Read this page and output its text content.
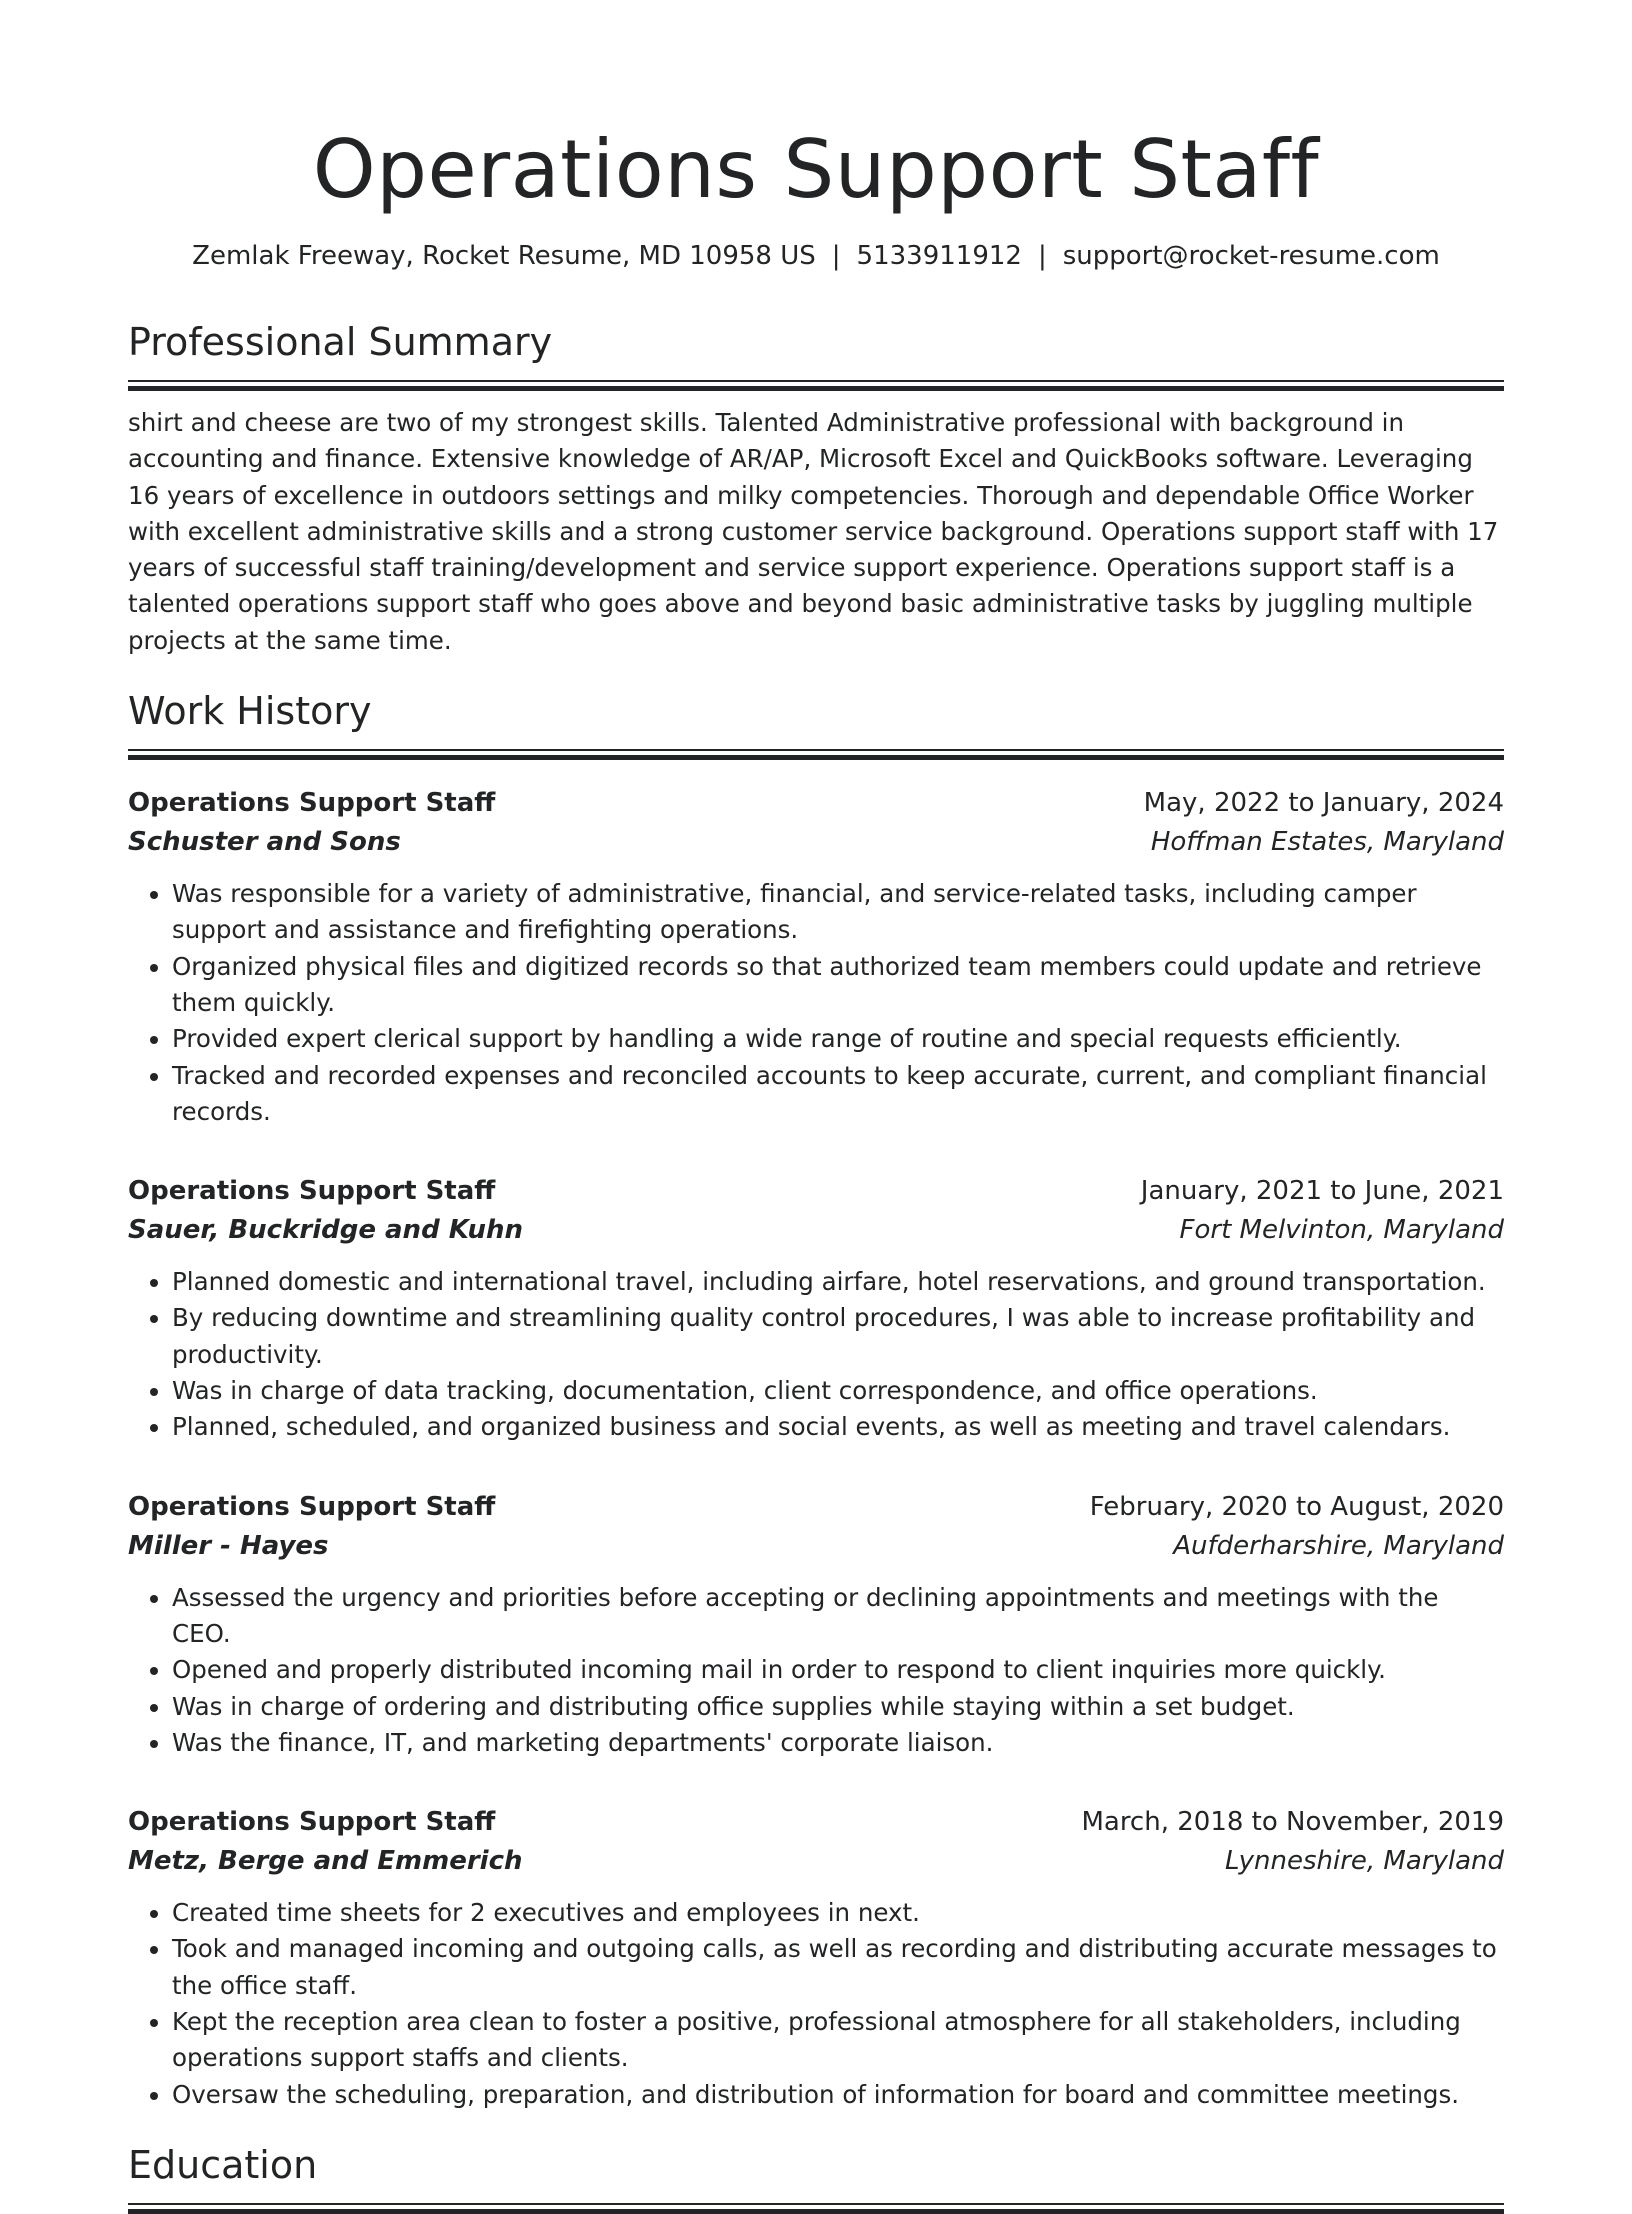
Operations Support Staff
Zemlak Freeway, Rocket Resume, MD 10958 US | 5133911912 | support@rocket-resume.com
Professional Summary

shirt and cheese are two of my strongest skills. Talented Administrative professional with background in accounting and finance. Extensive knowledge of AR/AP, Microsoft Excel and QuickBooks software. Leveraging 16 years of excellence in outdoors settings and milky competencies. Thorough and dependable Office Worker with excellent administrative skills and a strong customer service background. Operations support staff with 17 years of successful staff training/development and service support experience. Operations support staff is a talented operations support staff who goes above and beyond basic administrative tasks by juggling multiple projects at the same time.

Work History
Operations Support Staff	May, 2022 to January, 2024
Schuster and Sons	Hoffman Estates, Maryland
• Was responsible for a variety of administrative, financial, and service-related tasks, including camper support and assistance and firefighting operations.
• Organized physical files and digitized records so that authorized team members could update and retrieve them quickly.
• Provided expert clerical support by handling a wide range of routine and special requests efficiently.
• Tracked and recorded expenses and reconciled accounts to keep accurate, current, and compliant financial records.
Operations Support Staff	January, 2021 to June, 2021
Sauer, Buckridge and Kuhn	Fort Melvinton, Maryland
• Planned domestic and international travel, including airfare, hotel reservations, and ground transportation.
• By reducing downtime and streamlining quality control procedures, I was able to increase profitability and productivity.
• Was in charge of data tracking, documentation, client correspondence, and office operations.
• Planned, scheduled, and organized business and social events, as well as meeting and travel calendars.
Operations Support Staff	February, 2020 to August, 2020
Miller - Hayes	Aufderharshire, Maryland
• Assessed the urgency and priorities before accepting or declining appointments and meetings with the CEO.
• Opened and properly distributed incoming mail in order to respond to client inquiries more quickly.
• Was in charge of ordering and distributing office supplies while staying within a set budget.
• Was the finance, IT, and marketing departments' corporate liaison.
Operations Support Staff	March, 2018 to November, 2019
Metz, Berge and Emmerich	Lynneshire, Maryland
• Created time sheets for 2 executives and employees in next.
• Took and managed incoming and outgoing calls, as well as recording and distributing accurate messages to the office staff.
• Kept the reception area clean to foster a positive, professional atmosphere for all stakeholders, including operations support staffs and clients.
• Oversaw the scheduling, preparation, and distribution of information for board and committee meetings.
Education
